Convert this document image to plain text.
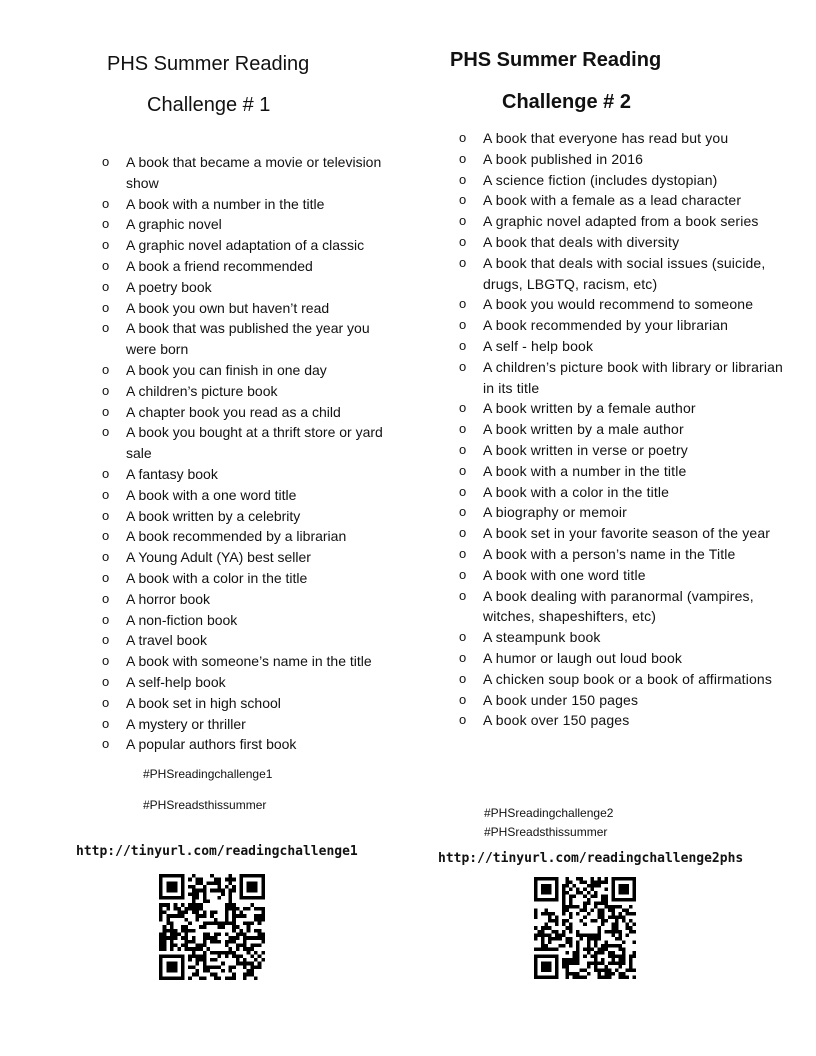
PHS Summer Reading
Challenge # 1
o A book that became a movie or television show
o A book with a number in the title
o A graphic novel
o A graphic novel adaptation of a classic
o A book a friend recommended
o A poetry book
o A book you own but haven’t read
o A book that was published the year you were born
o A book you can finish in one day
o A children’s picture book
o A chapter book you read as a child
o A book you bought at a thrift store or yard sale
o A fantasy book
o A book with a one word title
o A book written by a celebrity
o A book recommended by a librarian
o A Young Adult (YA) best seller
o A book with a color in the title
o A horror book
o A non-fiction book
o A travel book
o A book with someone’s name in the title
o A self-help book
o A book set in high school
o A mystery or thriller
o A popular authors first book
#PHSreadingchallenge1
#PHSreadsthissummer
http://tinyurl.com/readingchallenge1
PHS Summer Reading
Challenge # 2
o A book that everyone has read but you
o A book published in 2016
o A science fiction (includes dystopian)
o A book with a female as a lead character
o A graphic novel adapted from a book series
o A book that deals with diversity
o A book that deals with social issues (suicide, drugs, LBGTQ, racism, etc)
o A book you would recommend to someone
o A book recommended by your librarian
o A self - help book
o A children’s picture book with library or librarian in its title
o A book written by a female author
o A book written by a male author
o A book written in verse or poetry
o A book with a number in the title
o A book with a color in the title
o A biography or memoir
o A book set in your favorite season of the year
o A book with a person’s name in the Title
o A book with one word title
o A book dealing with paranormal (vampires, witches, shapeshifters, etc)
o A steampunk book
o A humor or laugh out loud book
o A chicken soup book or a book of affirmations
o A book under 150 pages
o A book over 150 pages
#PHSreadingchallenge2
#PHSreadsthissummer
http://tinyurl.com/readingchallenge2phs
